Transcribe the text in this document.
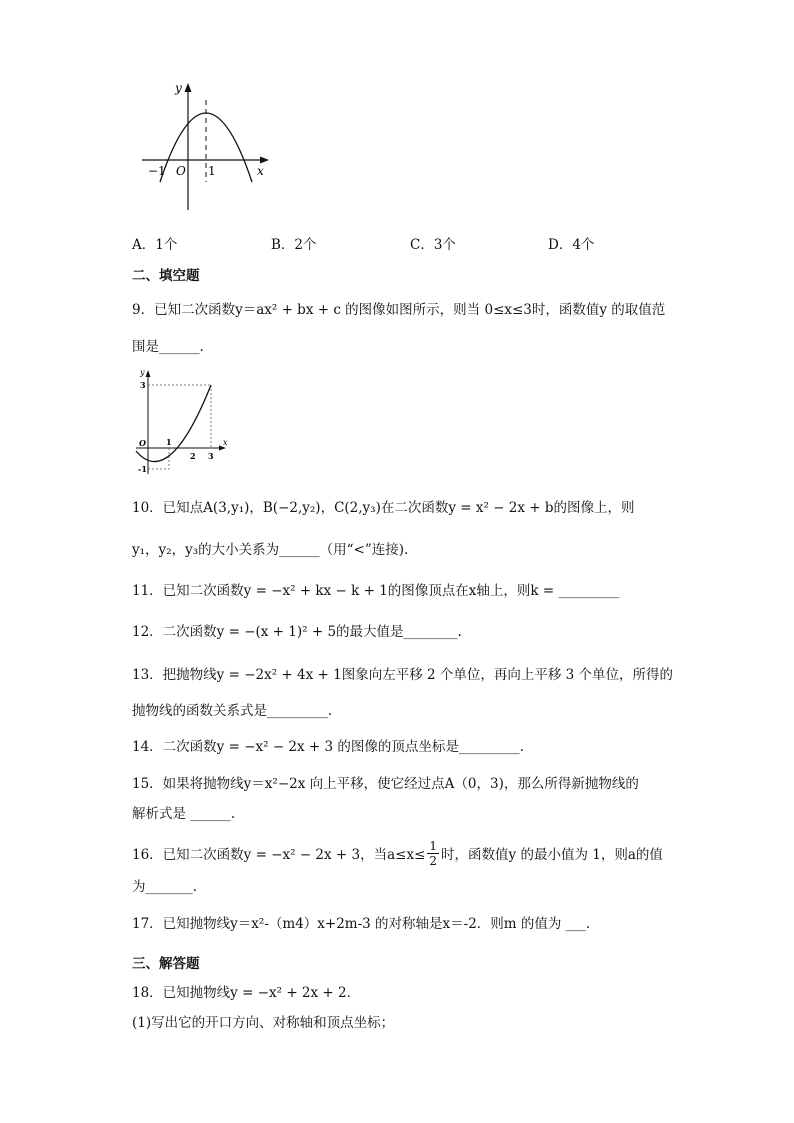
y
x
O
−1	1
A．1个	B．2个	C．3个	D．4个
二、填空题
9．已知二次函数y＝ax² + bx + c 的图像如图所示，则当 0≤x≤3时，函数值y 的取值范
围是______.
y
x
O
3
-1
1
2 3
10．已知点A(3,y₁)，B(−2,y₂)，C(2,y₃)在二次函数y = x² − 2x + b的图像上，则
y₁，y₂，y₃的大小关系为______（用“<”连接).
11．已知二次函数y = −x² + kx − k + 1的图像顶点在x轴上，则k = _________
12．二次函数y = −(x + 1)² + 5的最大值是________.
13．把抛物线y = −2x² + 4x + 1图象向左平移 2 个单位，再向上平移 3 个单位，所得的
抛物线的函数关系式是_________.
14．二次函数y = −x² − 2x + 3 的图像的顶点坐标是_________.
15．如果将抛物线y＝x²−2x 向上平移，使它经过点A（0，3)，那么所得新抛物线的
解析式是 ______.
16．已知二次函数y = −x² − 2x + 3，当$a\le x\le \frac{1}{2}$ 时，函数值y 的最小值为 1，则a的值
为_______.
17．已知抛物线y＝x²-（m4）x+2m-3 的对称轴是x＝-2．则m 的值为 ___.
三、解答题
18．已知抛物线y = −x² + 2x + 2．
(1)写出它的开口方向、对称轴和顶点坐标；
